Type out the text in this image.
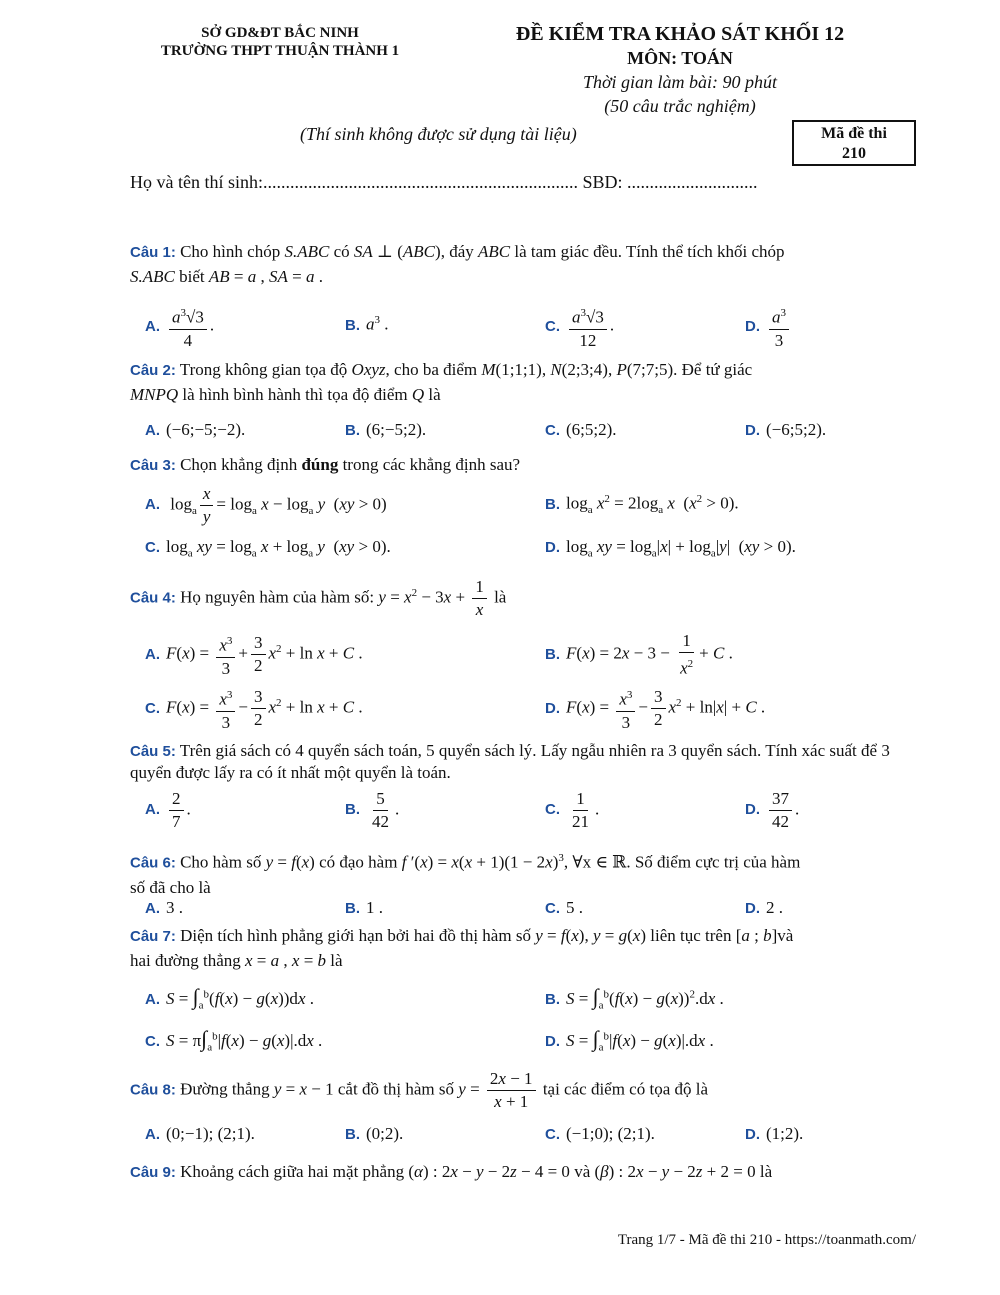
SỞ GD&ĐT BẮC NINH
TRƯỜNG THPT THUẬN THÀNH 1
ĐỀ KIỂM TRA KHẢO SÁT KHỐI 12
MÔN: TOÁN
Thời gian làm bài: 90 phút
(50 câu trắc nghiệm)
(Thí sinh không được sử dụng tài liệu)	Mã đề thi
210
Họ và tên thí sinh:...................................................................... SBD: .............................
Câu 1: Cho hình chóp S.ABC có SA ⊥ (ABC), đáy ABC là tam giác đều. Tính thể tích khối chóp
S.ABC biết AB = a , SA = a .
A. $\frac{a^3√3}{4}$ .	B. $a^3$ .	C. $\frac{a^3√3}{12}$ .	D. $\frac{a^3}{3}$
Câu 2: Trong không gian tọa độ Oxyz, cho ba điểm M(1;1;1), N(2;3;4), P(7;7;5). Để tứ giác
MNPQ là hình bình hành thì tọa độ điểm Q là
A. (−6;−5;−2).	B. (6;−5;2).	C. (6;5;2).	D. (−6;5;2).
Câu 3: Chọn khẳng định đúng trong các khẳng định sau?
A. $\log_a \frac{x}{y} = \log_a x - \log_a y$  (xy > 0)	B. $\log_a x^2 = 2\log_a$ x  $(x^2 > 0)$.
C. $\log_a$ xy = $\log_a x + \log_a y$  (xy > 0).	D. $\log_a$ xy = $\log_a|x| + \log_a|y|$  (xy > 0).
Câu 4: Họ nguyên hàm của hàm số: $y = x^2 - 3x + \frac{1}{x}$ là
A. $F(x) = \frac{x^3}{3} + \frac{3}{2} x^2 + \ln x + C$ .	B. $F(x) = 2x - 3 - \frac{1}{x^2} + C$ .
C. $F(x) = \frac{x^3}{3} - \frac{3}{2} x^2 + \ln x + C$ .	D. $F(x) = \frac{x^3}{3} - \frac{3}{2} x^2 + \ln|x| + C$ .
Câu 5: Trên giá sách có 4 quyển sách toán, 5 quyển sách lý. Lấy ngẫu nhiên ra 3 quyển sách. Tính xác suất để 3 quyển được lấy ra có ít nhất một quyển là toán.
A. $\frac{2}{7}$ .	B. $\frac{5}{42}$ .	C. $\frac{1}{21}$ .	D. $\frac{37}{42}$ .
Câu 6: Cho hàm số y = f(x) có đạo hàm f $'(x) = x(x + 1)(1 - 2x)^3$, ∀x ∈ ℝ. Số điểm cực trị của hàm
số đã cho là
A. 3 .	B. 1 .	C. 5 .	D. 2 .
Câu 7: Diện tích hình phẳng giới hạn bởi hai đồ thị hàm số y = f(x), y = g(x) liên tục trên [a ; b]và
hai đường thẳng x = a , x = b là
A. $S = \int_a^b(f(x) - g(x))dx$ .	B. $S = \int_a^b(f(x) - g(x))^2.dx$ .
C. $S = \pi\int_a^b|f(x) - g(x)|.dx$ .	D. $S = \int_a^b|f(x) - g(x)|.dx$ .
Câu 8: Đường thẳng y = x − 1 cắt đồ thị hàm số $y = \frac{2x - 1}{x + 1}$ tại các điểm có tọa độ là
A. (0;−1); (2;1).	B. (0;2).	C. (−1;0); (2;1).	D. (1;2).
Câu 9: Khoảng cách giữa hai mặt phẳng (α) : 2x − y − 2z − 4 = 0 và (β) : 2x − y − 2z + 2 = 0 là
Trang 1/7 - Mã đề thi 210 - https://toanmath.com/
